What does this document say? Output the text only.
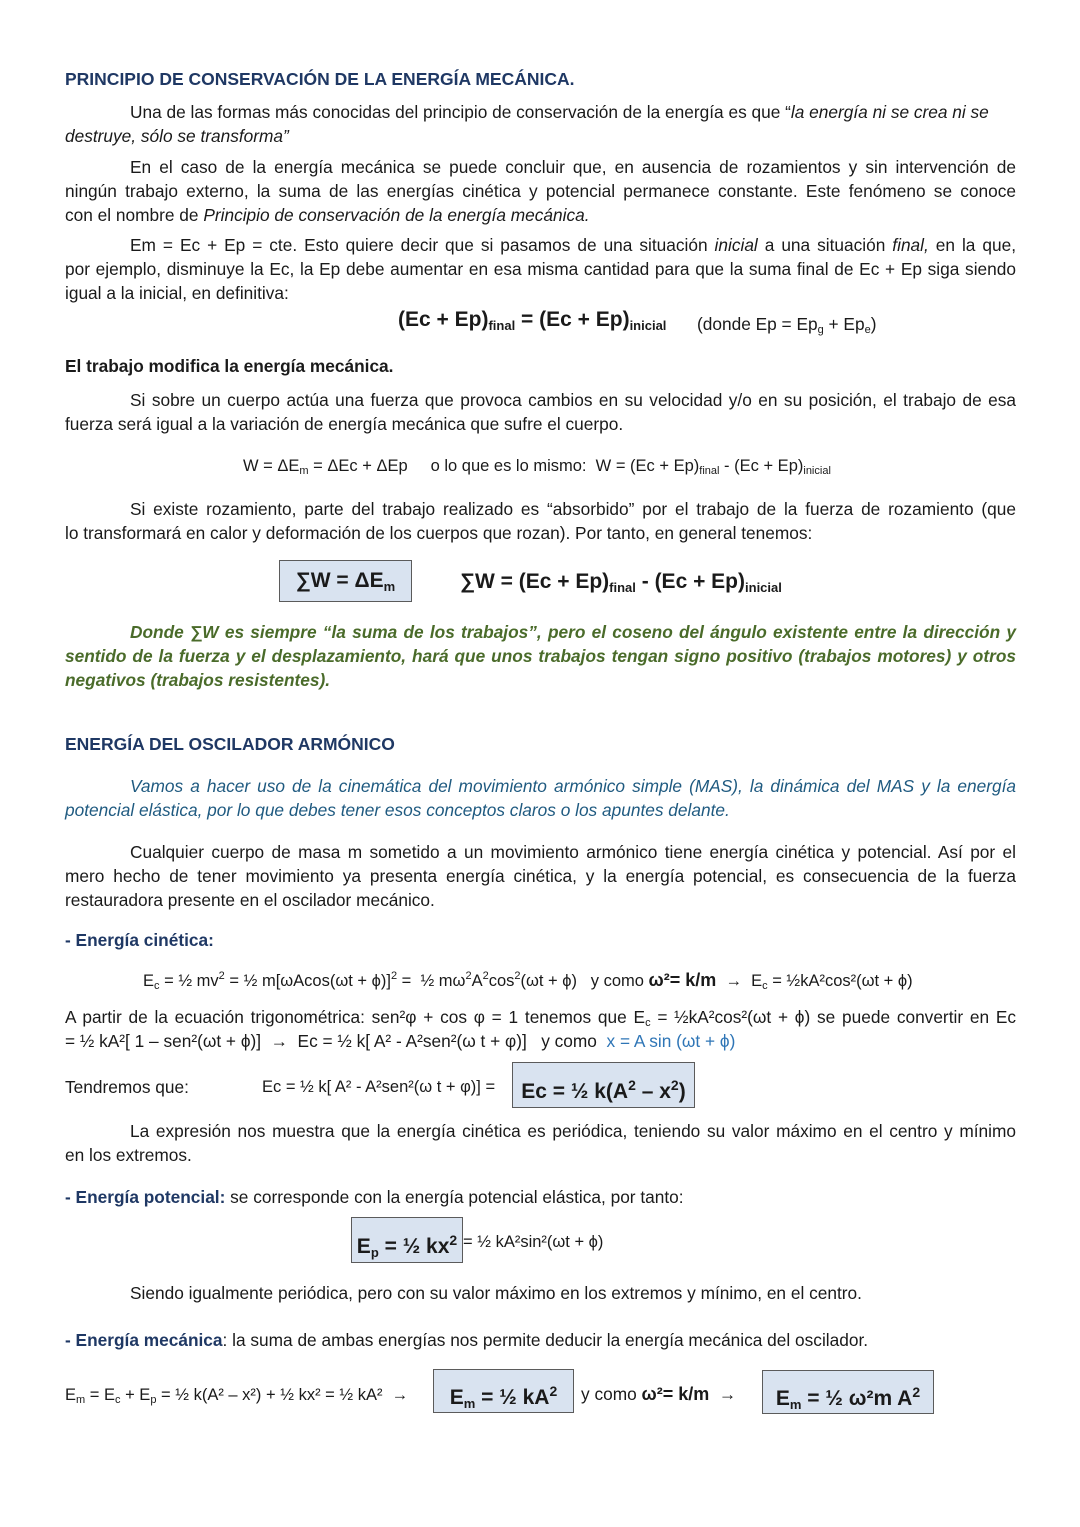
PRINCIPIO DE CONSERVACIÓN DE LA ENERGÍA MECÁNICA.
Una de las formas más conocidas del principio de conservación de la energía es que “la energía ni se crea ni se
destruye, sólo se transforma”
En el caso de la energía mecánica se puede concluir que, en ausencia de rozamientos y sin intervención de
ningún trabajo externo, la suma de las energías cinética y potencial permanece constante. Este fenómeno se conoce
con el nombre de Principio de conservación de la energía mecánica.
Em = Ec + Ep = cte. Esto quiere decir que si pasamos de una situación inicial a una situación final, en la que,
por ejemplo, disminuye la Ec, la Ep debe aumentar en esa misma cantidad para que la suma final de Ec + Ep siga siendo
igual a la inicial, en definitiva:
$(Ec + Ep)_{final} = (Ec + Ep)_{inicial}$ (donde $Ep = Ep_g + Ep_e$)
El trabajo modifica la energía mecánica.
Si sobre un cuerpo actúa una fuerza que provoca cambios en su velocidad y/o en su posición, el trabajo de esa
fuerza será igual a la variación de energía mecánica que sufre el cuerpo.
$W = \Delta E_m = \Delta Ec + \Delta Ep$     o lo que es lo mismo:  $W = (Ec + Ep)_{final} - (Ec + Ep)_{inicial}$
Si existe rozamiento, parte del trabajo realizado es “absorbido” por el trabajo de la fuerza de rozamiento (que
lo transformará en calor y deformación de los cuerpos que rozan). Por tanto, en general tenemos:
∑W = ΔEm	$\sum W = (Ec + Ep)_{final} - (Ec + Ep)_{inicial}$
Donde ∑W es siempre “la suma de los trabajos”, pero el coseno del ángulo existente entre la dirección y
sentido de la fuerza y el desplazamiento, hará que unos trabajos tengan signo positivo (trabajos motores) y otros
negativos (trabajos resistentes).
ENERGÍA DEL OSCILADOR ARMÓNICO
Vamos a hacer uso de la cinemática del movimiento armónico simple (MAS), la dinámica del MAS y la energía
potencial elástica, por lo que debes tener esos conceptos claros o los apuntes delante.
Cualquier cuerpo de masa m sometido a un movimiento armónico tiene energía cinética y potencial. Así por el
mero hecho de tener movimiento ya presenta energía cinética, y la energía potencial, es consecuencia de la fuerza
restauradora presente en el oscilador mecánico.
- Energía cinética:
$E_c$ = ½ $mv^2$ = ½ $m[\omega Acos(\omega t + \phi)]^2$ =  ½ $m\omega^2A^2\cos^2(\omega t + \phi)$   y como $\omega^2= k/m \to E_c$ = ½kA²cos²(ωt + ϕ)
A partir de la ecuación trigonométrica: sen²φ + cos φ = 1 tenemos que $E_c$ = ½kA²cos²(ωt + ϕ) se puede convertir en Ec
= ½ kA²[ 1 – sen²(ωt + ϕ)]  →  Ec = ½ k[ A² - A²sen²(ω t + φ)]   y como  x = A sin (ωt + ϕ)
Tendremos que:	Ec = ½ k[ A² - A²sen²(ω t + φ)] =	Ec = ½ $k(A^2 - x^2)$
La expresión nos muestra que la energía cinética es periódica, teniendo su valor máximo en el centro y mínimo
en los extremos.
- Energía potencial: se corresponde con la energía potencial elástica, por tanto:
Ep = ½ $kx^2$ = ½ kA²sin²(ωt + ϕ)
Siendo igualmente periódica, pero con su valor máximo en los extremos y mínimo, en el centro.
- Energía mecánica: la suma de ambas energías nos permite deducir la energía mecánica del oscilador.
$E_m = E_c + E_p$ = ½ k(A² – x²) + ½ kx² = ½ kA²  →	Em = ½ $kA^2$	y como ω²= k/m  →	Em = ½ ω²m $A^2$
